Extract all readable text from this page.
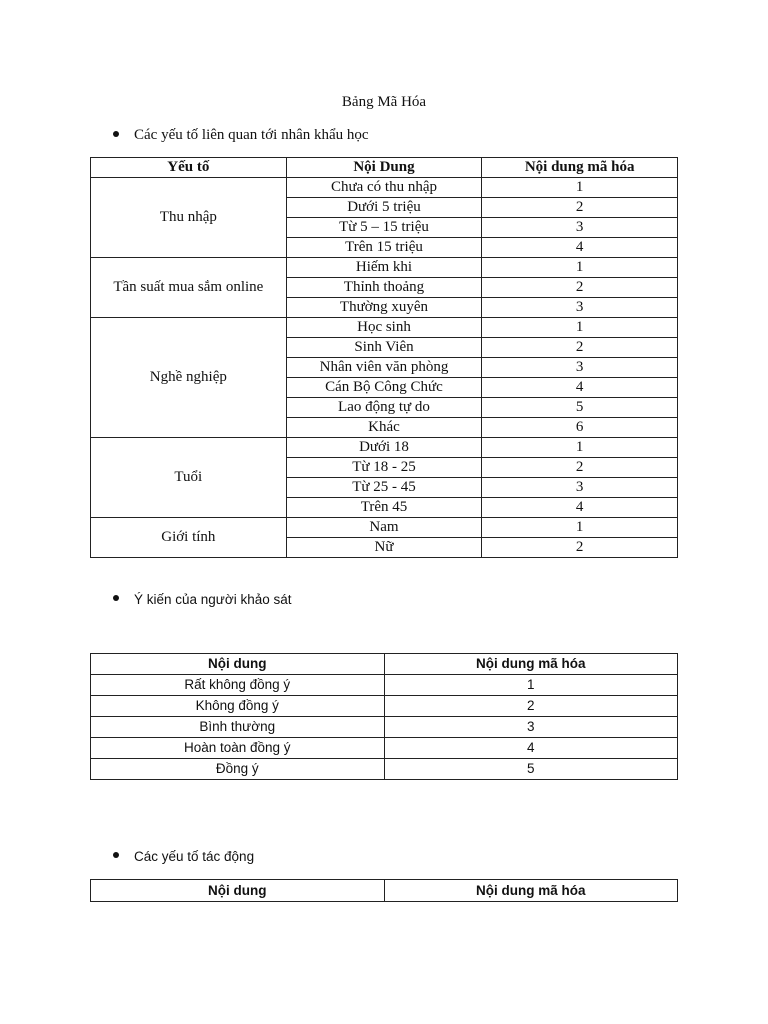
Bảng Mã Hóa
Các yếu tố liên quan tới nhân khẩu học
Yếu tố	Nội Dung	Nội dung mã hóa
Thu nhập	Chưa có thu nhập	1
	Dưới 5 triệu	2
	Từ 5 – 15 triệu	3
	Trên 15 triệu	4
Tần suất mua sắm online	Hiếm khi	1
	Thỉnh thoảng	2
	Thường xuyên	3
Nghề nghiệp	Học sinh	1
	Sinh Viên	2
	Nhân viên văn phòng	3
	Cán Bộ Công Chức	4
	Lao động tự do	5
	Khác	6
Tuổi	Dưới 18	1
	Từ 18 - 25	2
	Từ 25 - 45	3
	Trên 45	4
Giới tính	Nam	1
	Nữ	2
Ý kiến của người khảo sát
Nội dung	Nội dung mã hóa
Rất không đồng ý	1
Không đồng ý	2
Bình thường	3
Hoàn toàn đồng ý	4
Đồng ý	5
Các yếu tố tác động
Nội dung	Nội dung mã hóa
